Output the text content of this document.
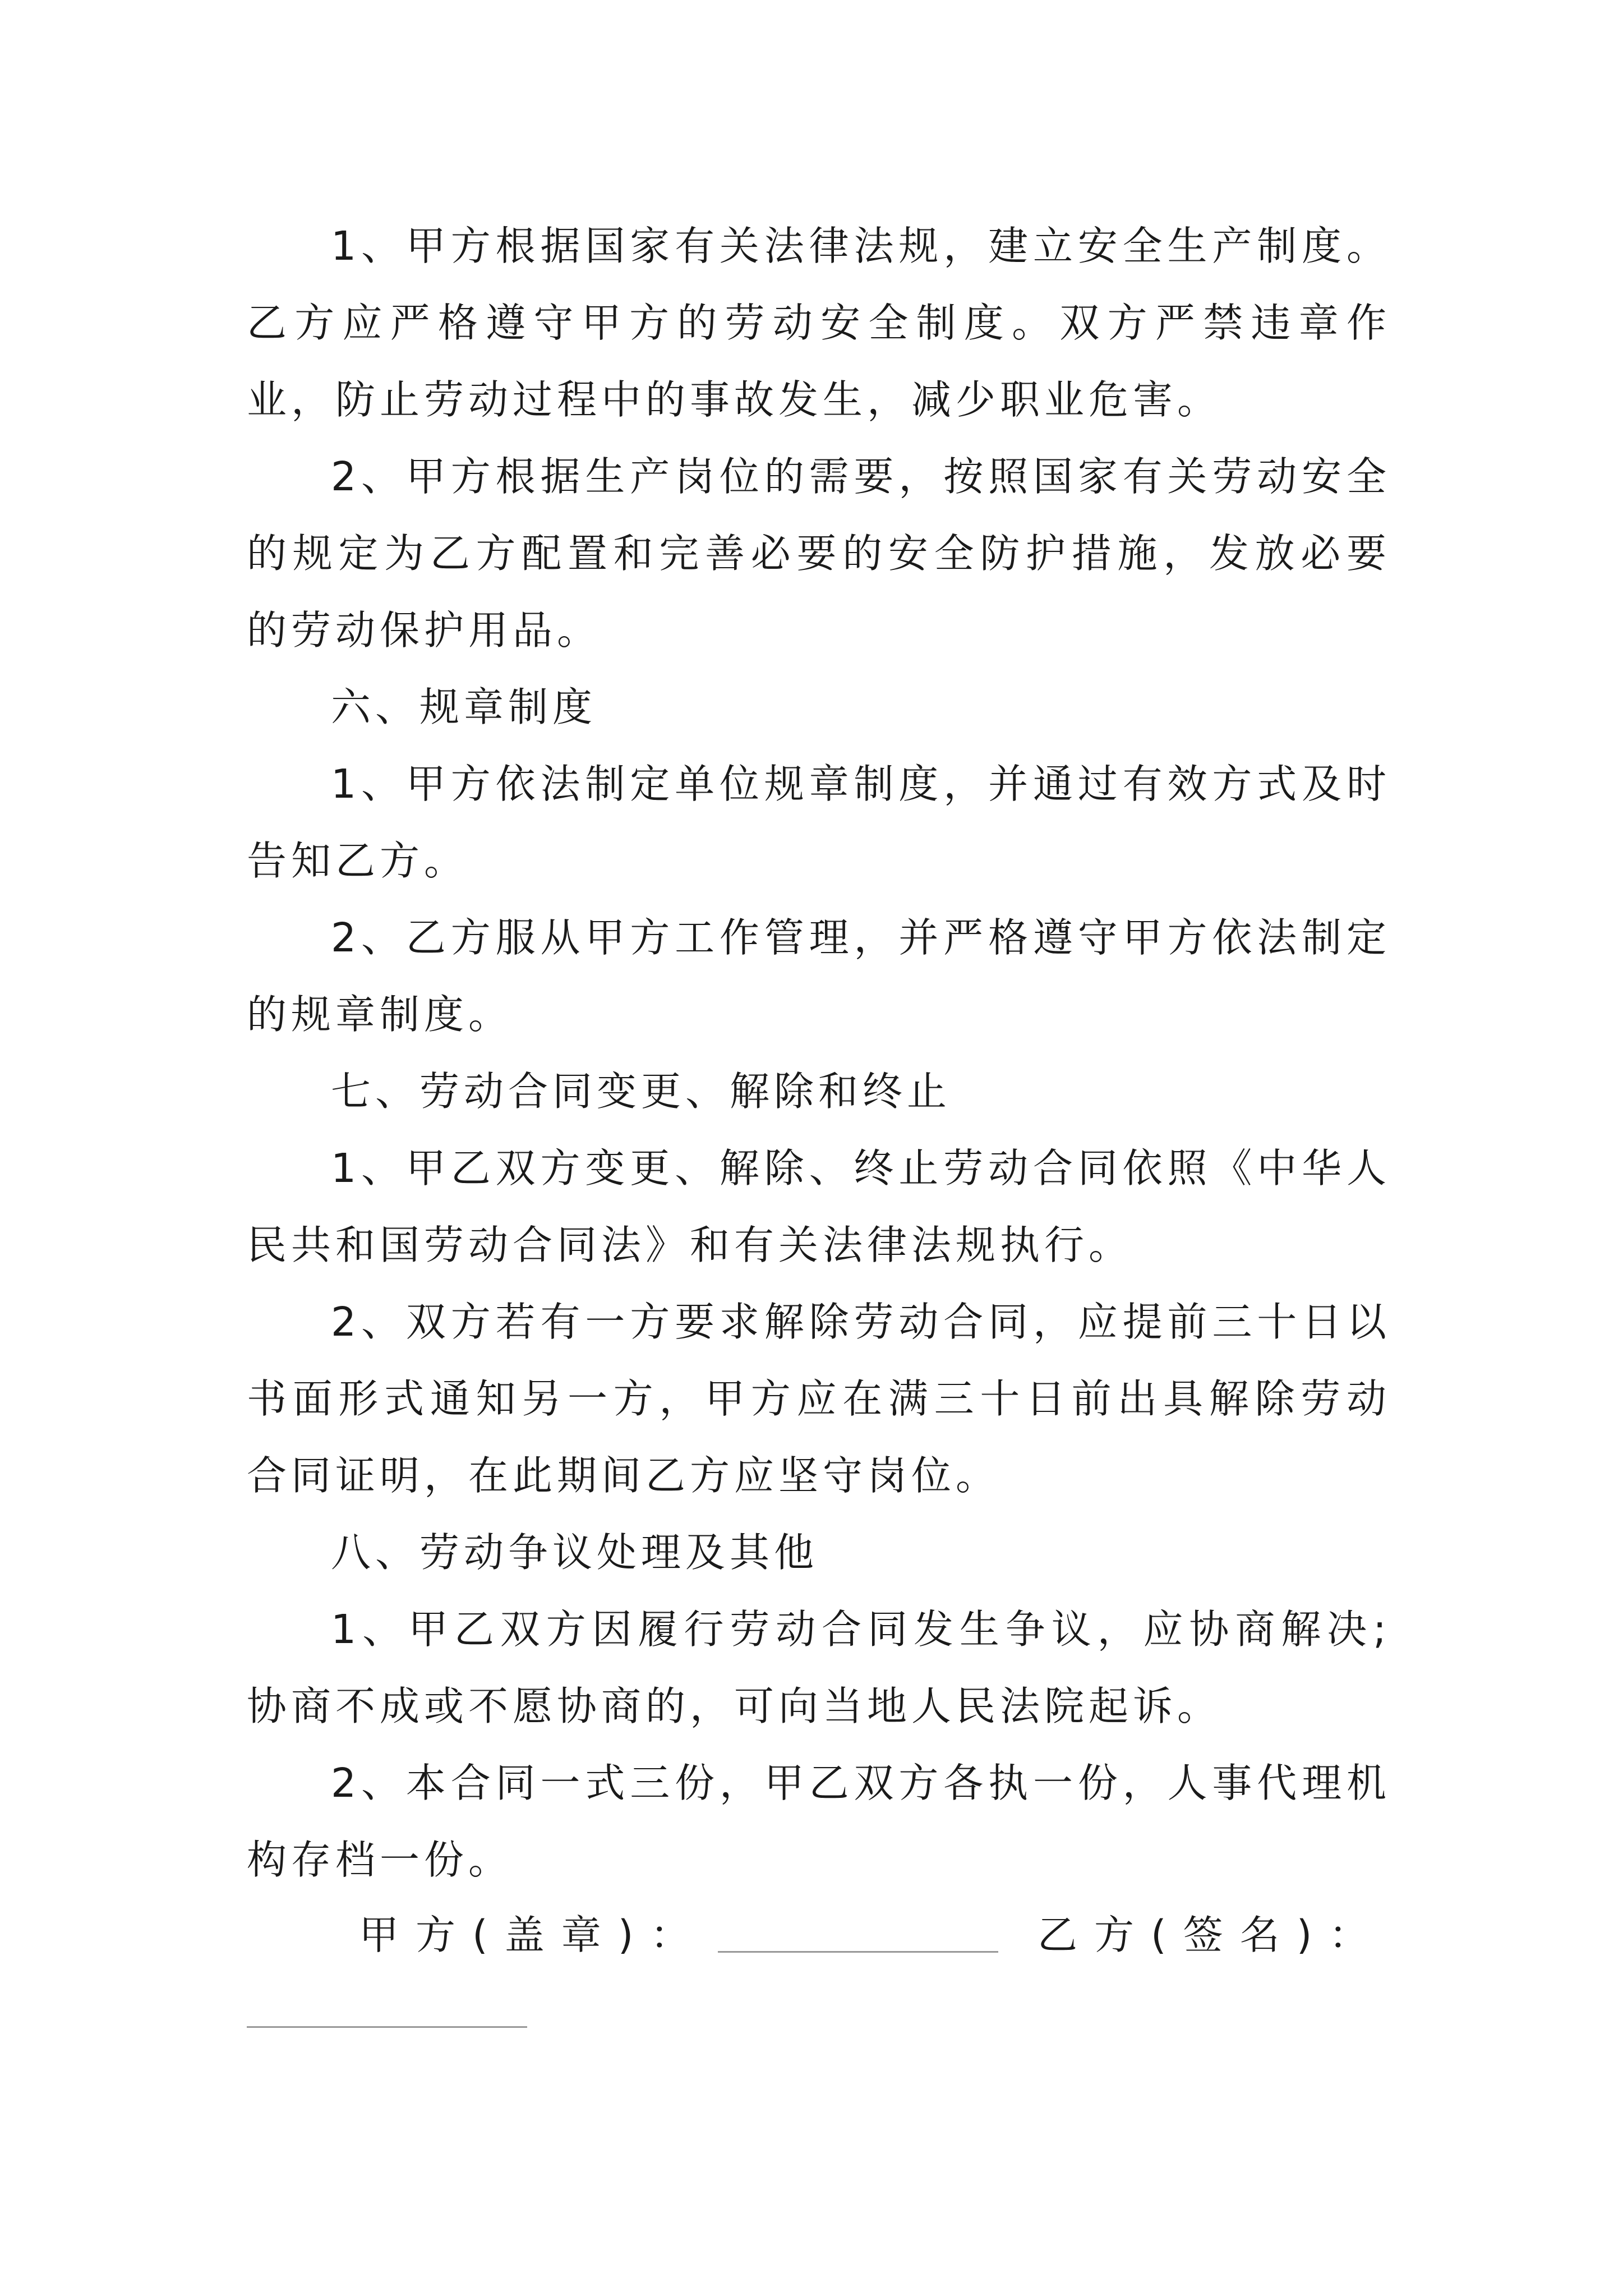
1、甲方根据国家有关法律法规，建立安全生产制度。乙方应严格遵守甲方的劳动安全制度。双方严禁违章作业，防止劳动过程中的事故发生，减少职业危害。

2、甲方根据生产岗位的需要，按照国家有关劳动安全的规定为乙方配置和完善必要的安全防护措施，发放必要的劳动保护用品。

六、规章制度

1、甲方依法制定单位规章制度，并通过有效方式及时告知乙方。

2、乙方服从甲方工作管理，并严格遵守甲方依法制定的规章制度。

七、劳动合同变更、解除和终止

1、甲乙双方变更、解除、终止劳动合同依照《中华人民共和国劳动合同法》和有关法律法规执行。

2、双方若有一方要求解除劳动合同，应提前三十日以书面形式通知另一方，甲方应在满三十日前出具解除劳动合同证明，在此期间乙方应坚守岗位。

八、劳动争议处理及其他

1、甲乙双方因履行劳动合同发生争议，应协商解决;协商不成或不愿协商的，可向当地人民法院起诉。

2、本合同一式三份，甲乙双方各执一份，人事代理机构存档一份。

甲方(盖章)：	乙方(签名)：
